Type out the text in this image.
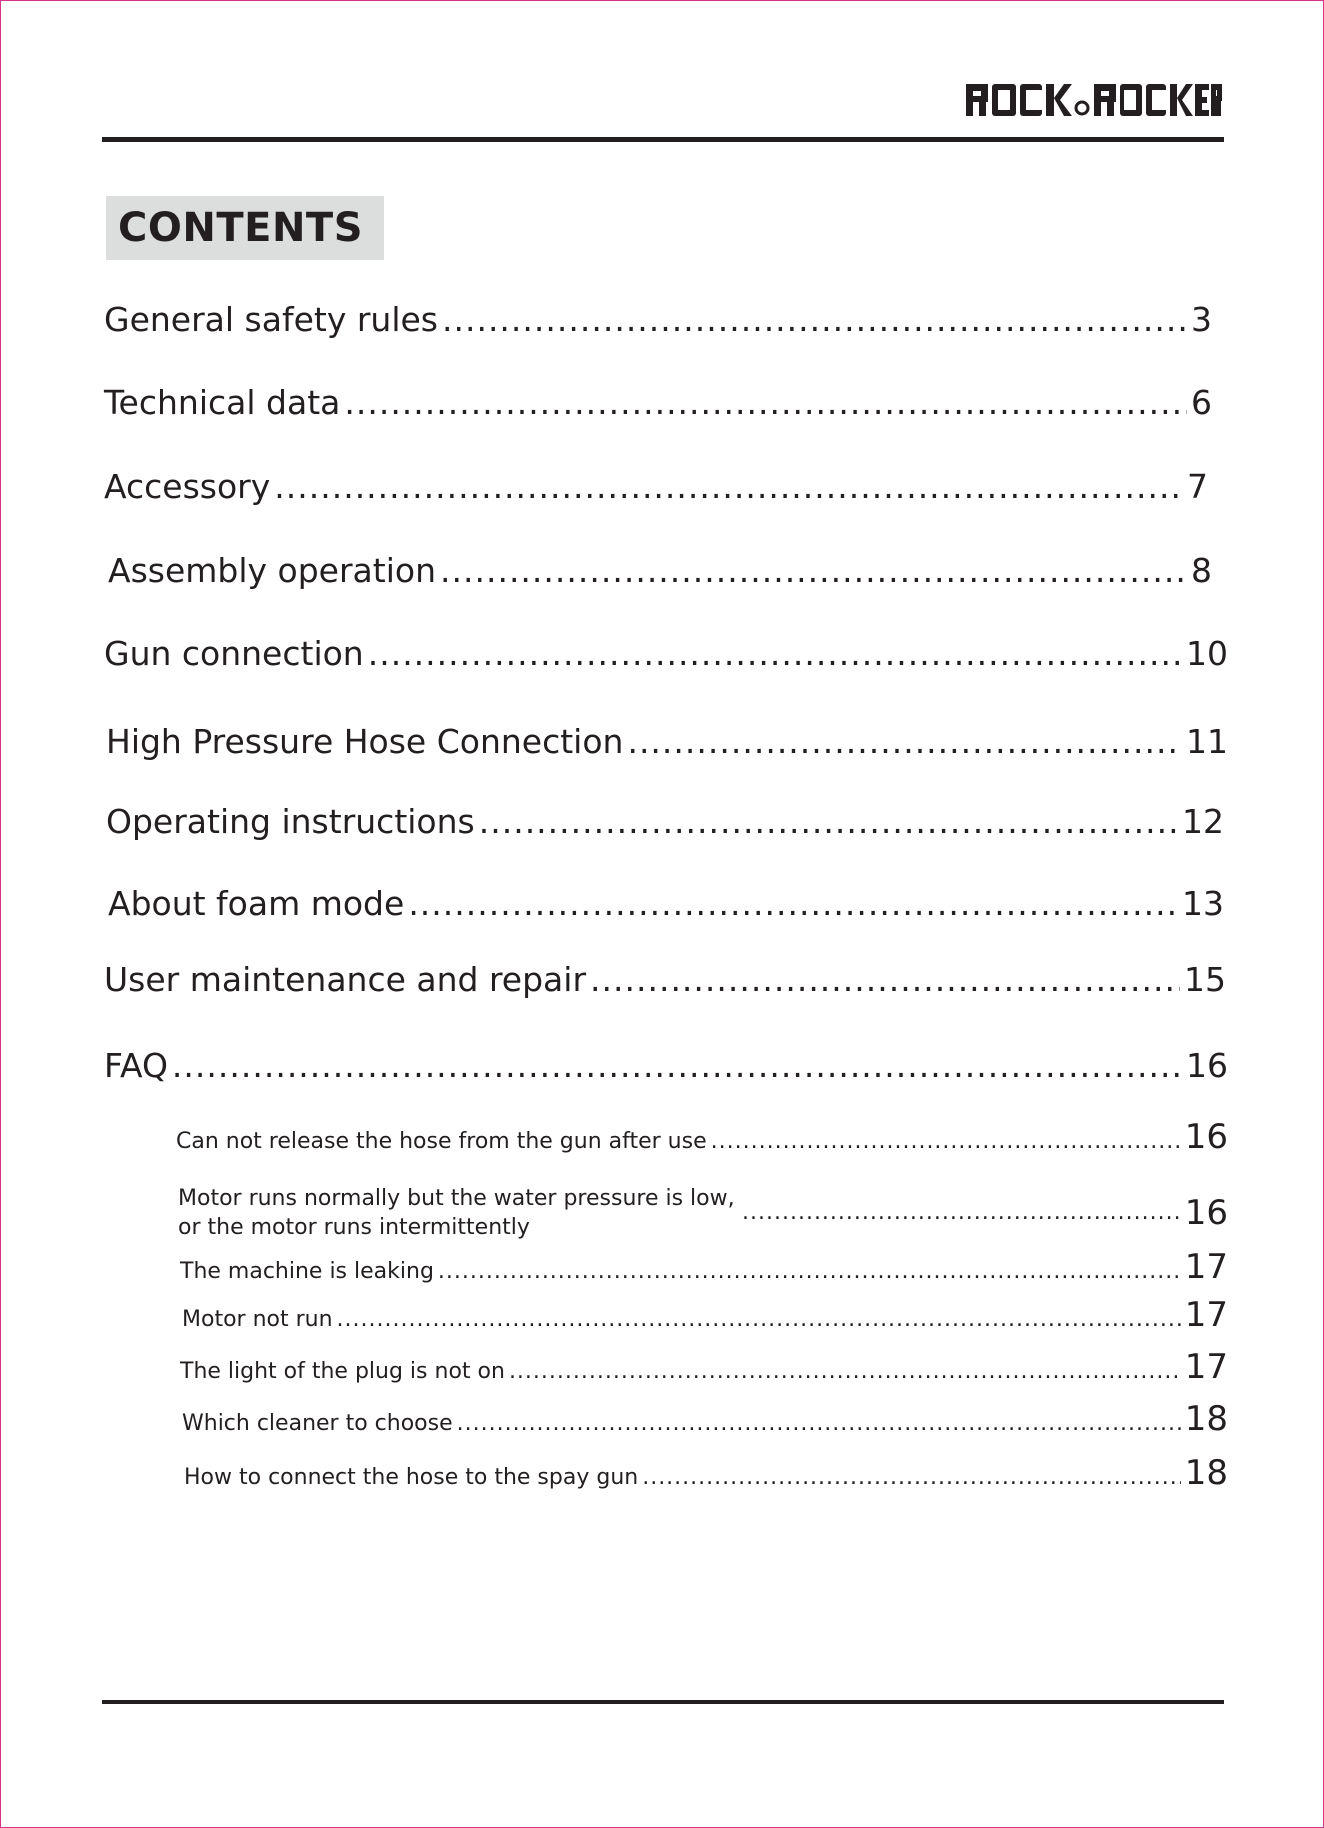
CONTENTS
General safety rules .....	3
Technical data .....	6
Accessory .....	7
Assembly operation .....	8
Gun connection .....	10
High Pressure Hose Connection .....	11
Operating instructions .....	12
About foam mode .....	13
User maintenance and repair .....	15
FAQ .....	16
Can not release the hose from the gun after use .....	16
Motor runs normally but the water pressure is low, or the motor runs intermittently .....	16
The machine is leaking .....	17
Motor not run .....	17
The light of the plug is not on .....	17
Which cleaner to choose .....	18
How to connect the hose to the spay gun .....	18
